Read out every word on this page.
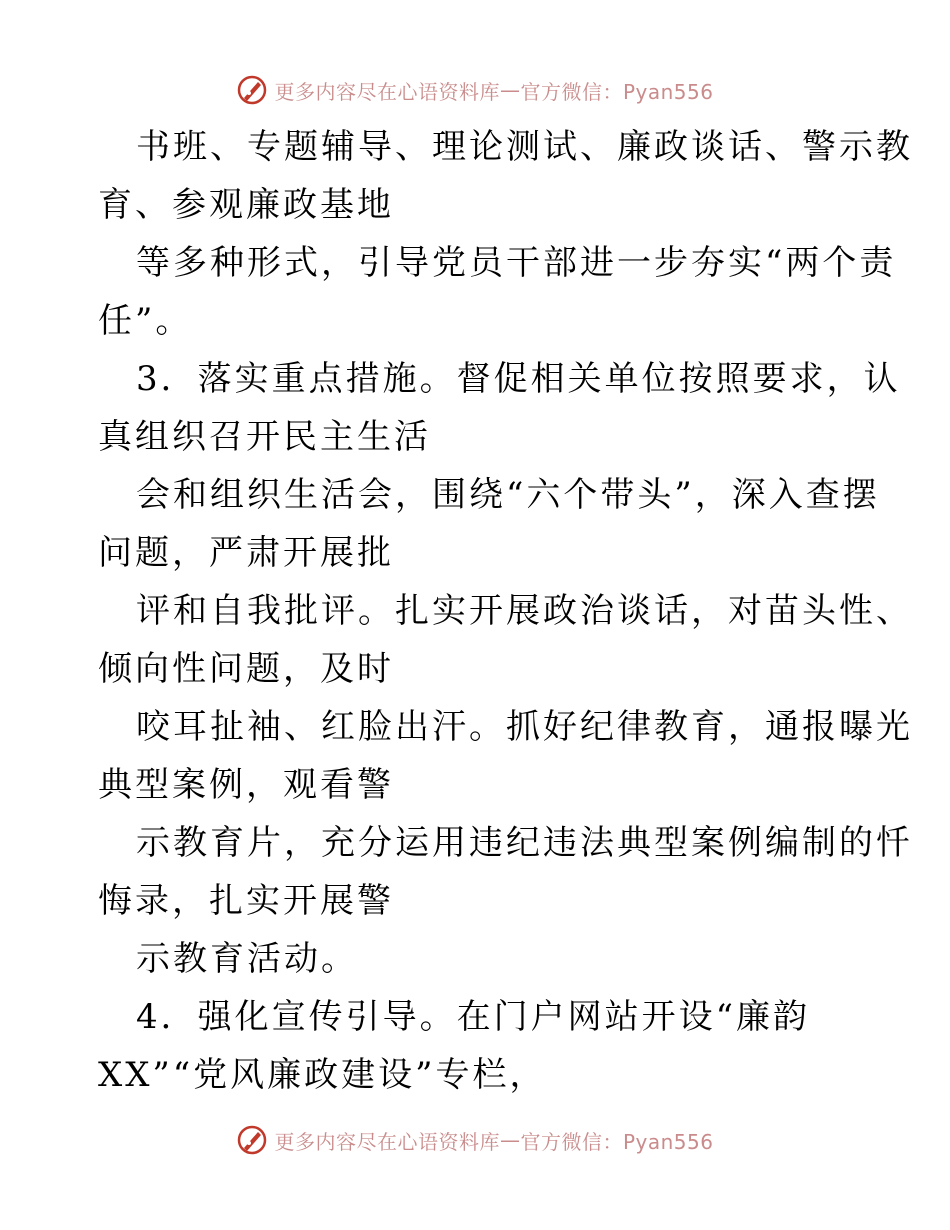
更多内容尽在心语资料库 — 官方微信：Pyan556
书班、专题辅导、理论测试、廉政谈话、警示教
育、参观廉政基地
等多种形式，引导党员干部进一步夯实“两个责
任”。
3．落实重点措施。督促相关单位按照要求，认
真组织召开民主生活
会和组织生活会，围绕“六个带头”，深入查摆
问题，严肃开展批
评和自我批评。扎实开展政治谈话，对苗头性、
倾向性问题，及时
咬耳扯袖、红脸出汗。抓好纪律教育，通报曝光
典型案例，观看警
示教育片，充分运用违纪违法典型案例编制的忏
悔录，扎实开展警
示教育活动。
4．强化宣传引导。在门户网站开设“廉韵
XX”“党风廉政建设”专栏，
更多内容尽在心语资料库 — 官方微信：Pyan556
